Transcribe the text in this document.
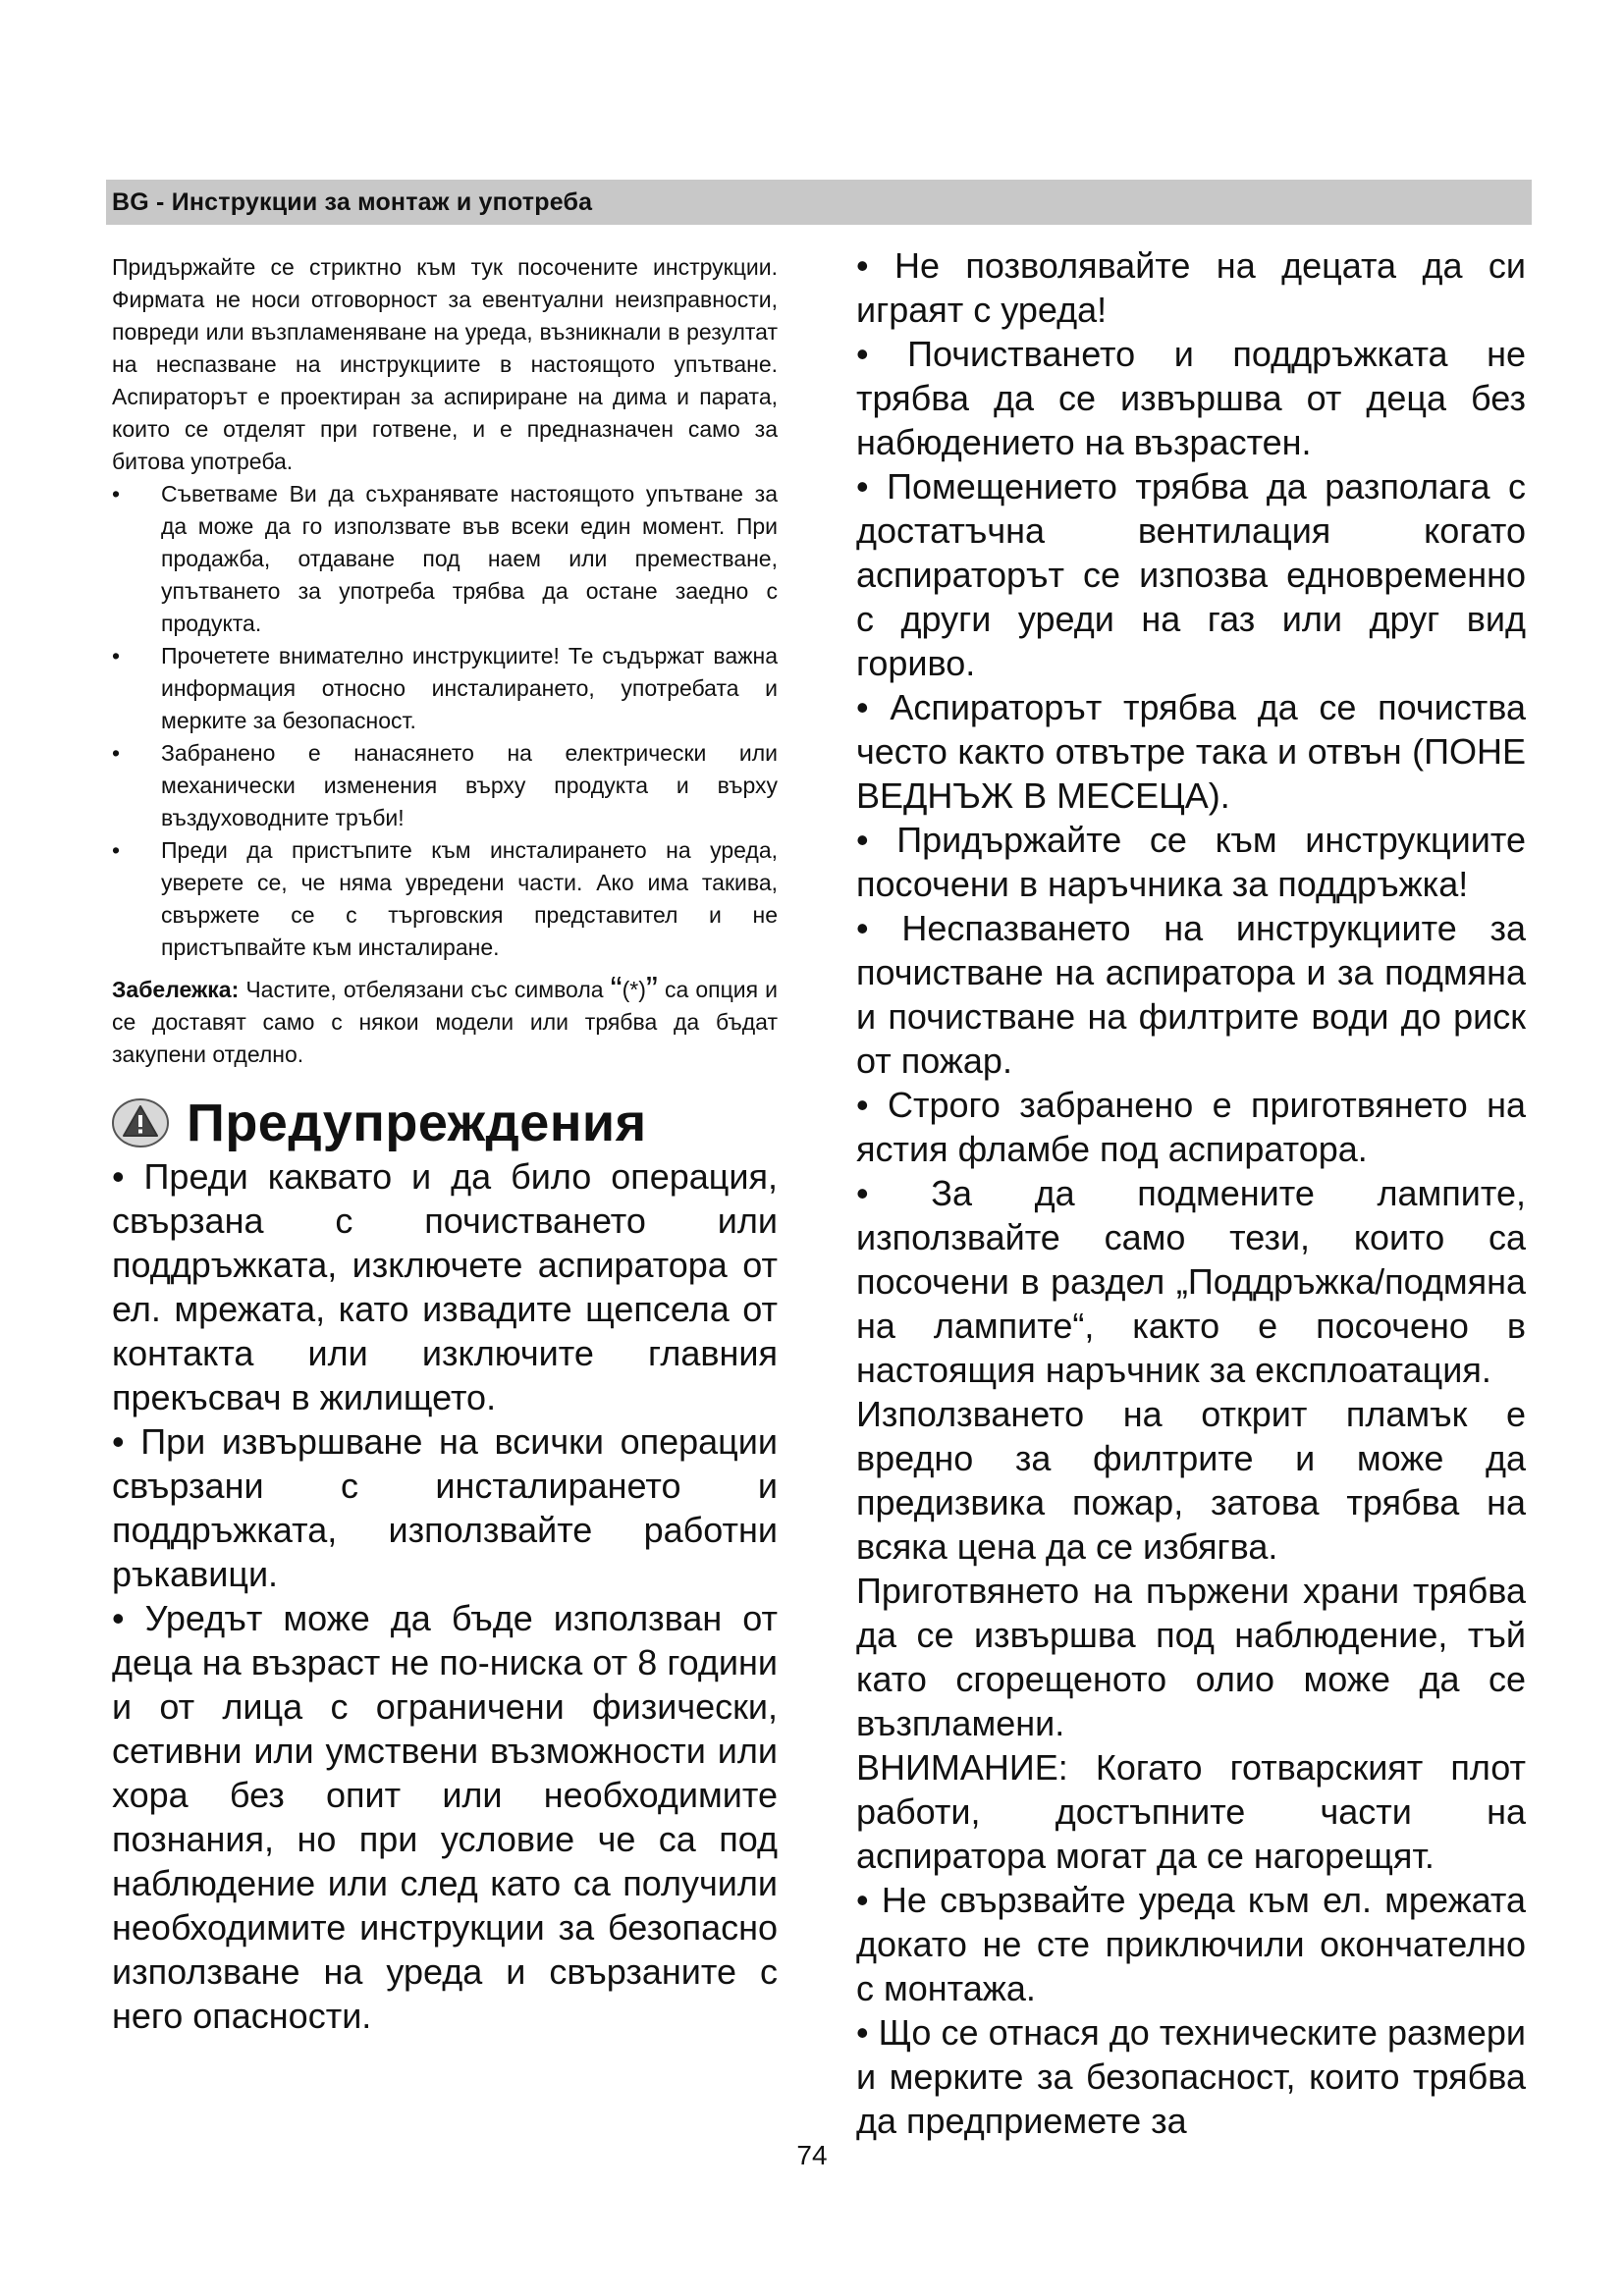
BG - Инструкции за монтаж и употреба

Придържайте се стриктно към тук посочените инструкции. Фирмата не носи отговорност за евентуални неизправности, повреди или възпламеняване на уреда, възникнали в резултат на неспазване на инструкциите в настоящото упътване. Аспираторът е проектиран за аспириране на дима и парата, които се отделят при готвене, и е предназначен само за битова употреба.

• Съветваме Ви да съхранявате настоящото упътване за да може да го използвате във всеки един момент. При продажба, отдаване под наем или преместване, упътването за употреба трябва да остане заедно с продукта.
• Прочетете внимателно инструкциите! Те съдържат важна информация относно инсталирането, употребата и мерките за безопасност.
• Забранено е нанасянето на електрически или механически изменения върху продукта и върху въздуховодните тръби!
• Преди да пристъпите към инсталирането на уреда, уверете се, че няма увредени части. Ако има такива, свържете се с търговския представител и не пристъпвайте към инсталиране.

Забележка: Частите, отбелязани със символа “(*)” са опция и се доставят само с някои модели или трябва да бъдат закупени отделно.

Предупреждения

• Преди каквато и да било операция, свързана с почистването или поддръжката, изключете аспиратора от ел. мрежата, като извадите щепсела от контакта или изключите главния прекъсвач в жилището.

• При извършване на всички операции свързани с инсталирането и поддръжката, използвайте работни ръкавици.

• Уредът може да бъде използван от деца на възраст не по-ниска от 8 години и от лица с ограничени физически, сетивни или умствени възможности или хора без опит или необходимите познания, но при условие че са под наблюдение или след като са получили необходимите инструкции за безопасно използване на уреда и свързаните с него опасности.

• Не позволявайте на децата да си играят с уреда!

• Почистването и поддръжката не трябва да се извършва от деца без набюдението на възрастен.

• Помещението трябва да разполага с достатъчна вентилация когато аспираторът се изпозва едновременно с други уреди на газ или друг вид гориво.

• Аспираторът трябва да се почиства често както отвътре така и отвън (ПОНЕ ВЕДНЪЖ В МЕСЕЦА).

• Придържайте се към инструкциите посочени в наръчника за поддръжка!

• Неспазването на инструкциите за почистване на аспиратора и за подмяна и почистване на филтрите води до риск от пожар.

• Строго забранено е приготвянето на ястия фламбе под аспиратора.

• За да подмените лампите, използвайте само тези, които са посочени в раздел „Поддръжка/подмяна на лампите“, както е посочено в настоящия наръчник за експлоатация.

Използването на открит пламък е вредно за филтрите и може да предизвика пожар, затова трябва на всяка цена да се избягва.

Приготвянето на пържени храни трябва да се извършва под наблюдение, тъй като сгорещеното олио може да се възпламени.

ВНИМАНИЕ: Когато готварският плот работи, достъпните части на аспиратора могат да се нагорещят.

• Не свързвайте уреда към ел. мрежата докато не сте приключили окончателно с монтажа.

• Що се отнася до техническите размери и мерките за безопасност, които трябва да предприемете за

74
